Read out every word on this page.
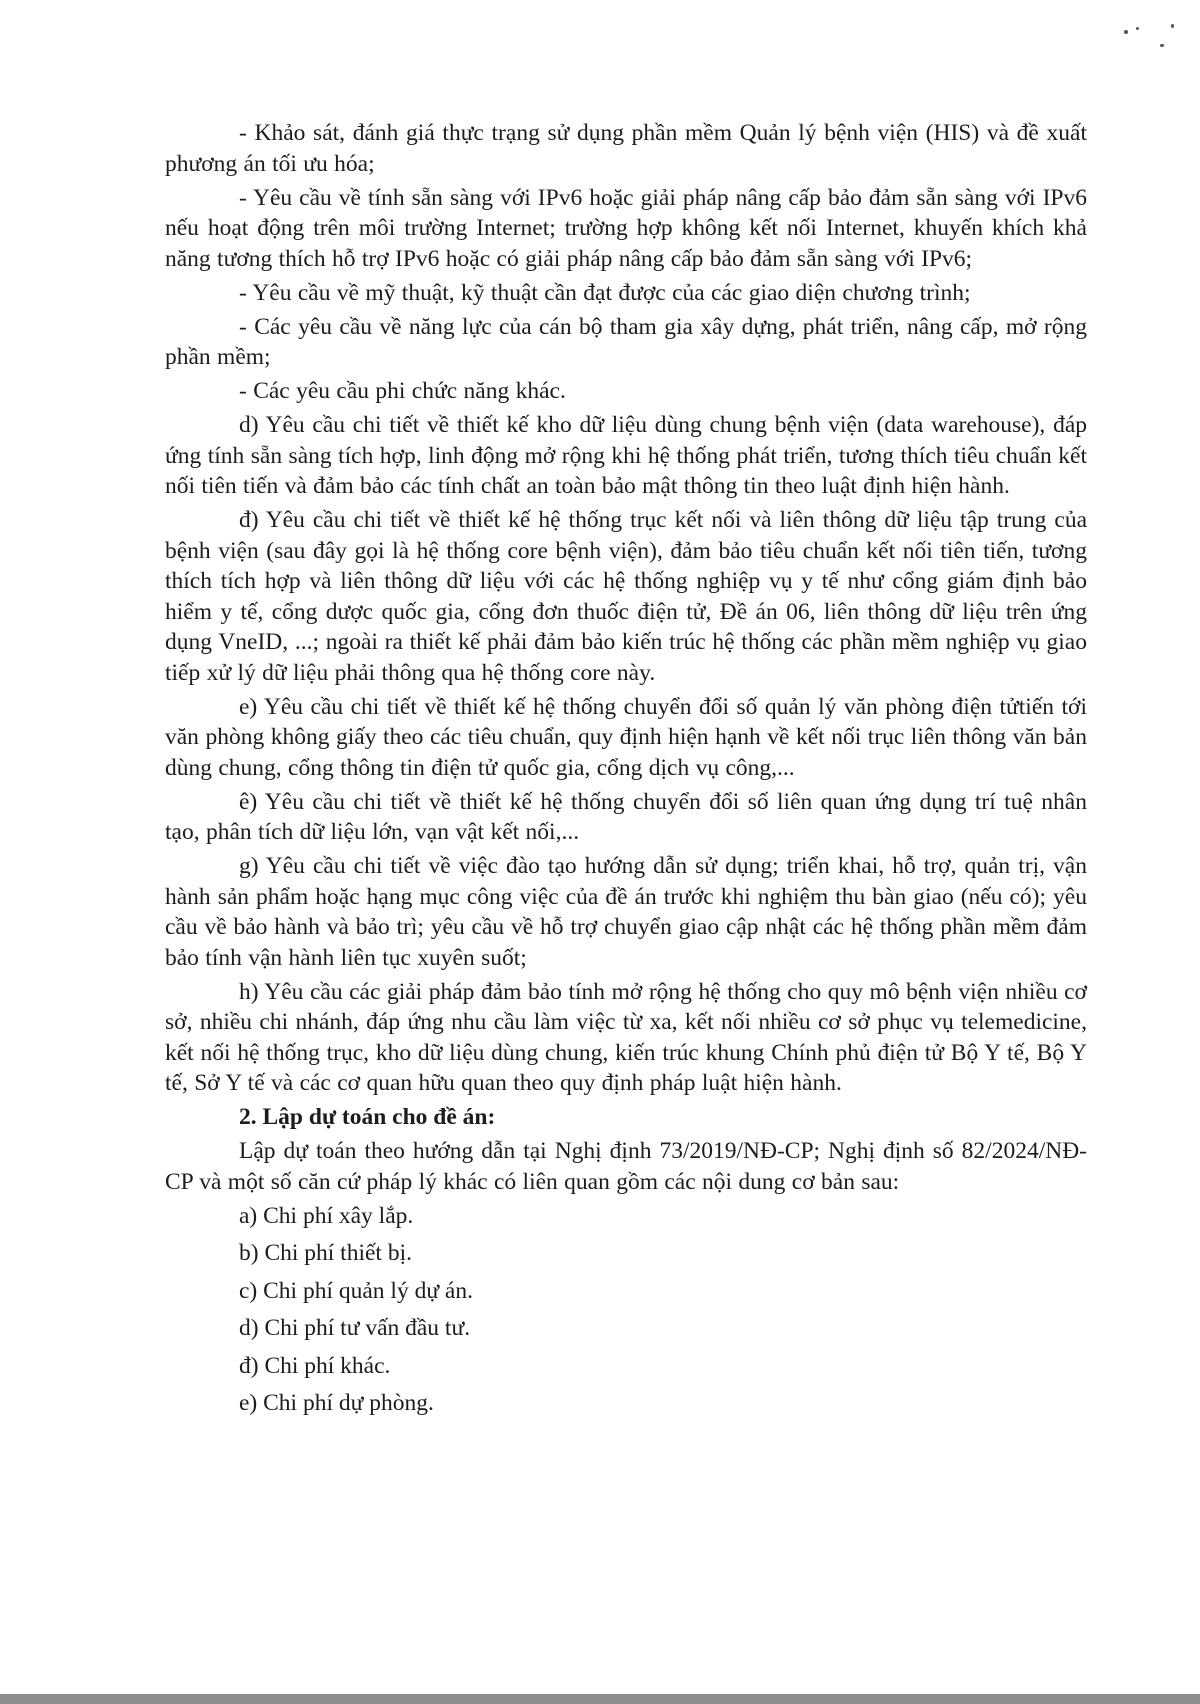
- Khảo sát, đánh giá thực trạng sử dụng phần mềm Quản lý bệnh viện (HIS) và đề xuất phương án tối ưu hóa;

- Yêu cầu về tính sẵn sàng với IPv6 hoặc giải pháp nâng cấp bảo đảm sẵn sàng với IPv6 nếu hoạt động trên môi trường Internet; trường hợp không kết nối Internet, khuyến khích khả năng tương thích hỗ trợ IPv6 hoặc có giải pháp nâng cấp bảo đảm sẵn sàng với IPv6;

- Yêu cầu về mỹ thuật, kỹ thuật cần đạt được của các giao diện chương trình;

- Các yêu cầu về năng lực của cán bộ tham gia xây dựng, phát triển, nâng cấp, mở rộng phần mềm;

- Các yêu cầu phi chức năng khác.

d) Yêu cầu chi tiết về thiết kế kho dữ liệu dùng chung bệnh viện (data warehouse), đáp ứng tính sẵn sàng tích hợp, linh động mở rộng khi hệ thống phát triển, tương thích tiêu chuẩn kết nối tiên tiến và đảm bảo các tính chất an toàn bảo mật thông tin theo luật định hiện hành.

đ) Yêu cầu chi tiết về thiết kế hệ thống trục kết nối và liên thông dữ liệu tập trung của bệnh viện (sau đây gọi là hệ thống core bệnh viện), đảm bảo tiêu chuẩn kết nối tiên tiến, tương thích tích hợp và liên thông dữ liệu với các hệ thống nghiệp vụ y tế như cổng giám định bảo hiểm y tế, cổng dược quốc gia, cổng đơn thuốc điện tử, Đề án 06, liên thông dữ liệu trên ứng dụng VneID, ...; ngoài ra thiết kế phải đảm bảo kiến trúc hệ thống các phần mềm nghiệp vụ giao tiếp xử lý dữ liệu phải thông qua hệ thống core này.

e) Yêu cầu chi tiết về thiết kế hệ thống chuyển đổi số quản lý văn phòng điện tửtiến tới văn phòng không giấy theo các tiêu chuẩn, quy định hiện hạnh về kết nối trục liên thông văn bản dùng chung, cổng thông tin điện tử quốc gia, cổng dịch vụ công,...

ê) Yêu cầu chi tiết về thiết kế hệ thống chuyển đổi số liên quan ứng dụng trí tuệ nhân tạo, phân tích dữ liệu lớn, vạn vật kết nối,...

g) Yêu cầu chi tiết về việc đào tạo hướng dẫn sử dụng; triển khai, hỗ trợ, quản trị, vận hành sản phẩm hoặc hạng mục công việc của đề án trước khi nghiệm thu bàn giao (nếu có); yêu cầu về bảo hành và bảo trì; yêu cầu về hỗ trợ chuyển giao cập nhật các hệ thống phần mềm đảm bảo tính vận hành liên tục xuyên suốt;

h) Yêu cầu các giải pháp đảm bảo tính mở rộng hệ thống cho quy mô bệnh viện nhiều cơ sở, nhiều chi nhánh, đáp ứng nhu cầu làm việc từ xa, kết nối nhiều cơ sở phục vụ telemedicine, kết nối hệ thống trục, kho dữ liệu dùng chung, kiến trúc khung Chính phủ điện tử Bộ Y tế, Bộ Y tế, Sở Y tế và các cơ quan hữu quan theo quy định pháp luật hiện hành.

2. Lập dự toán cho đề án:

Lập dự toán theo hướng dẫn tại Nghị định 73/2019/NĐ-CP; Nghị định số 82/2024/NĐ-CP và một số căn cứ pháp lý khác có liên quan gồm các nội dung cơ bản sau:

a) Chi phí xây lắp.

b) Chi phí thiết bị.

c) Chi phí quản lý dự án.

d) Chi phí tư vấn đầu tư.

đ) Chi phí khác.

e) Chi phí dự phòng.
